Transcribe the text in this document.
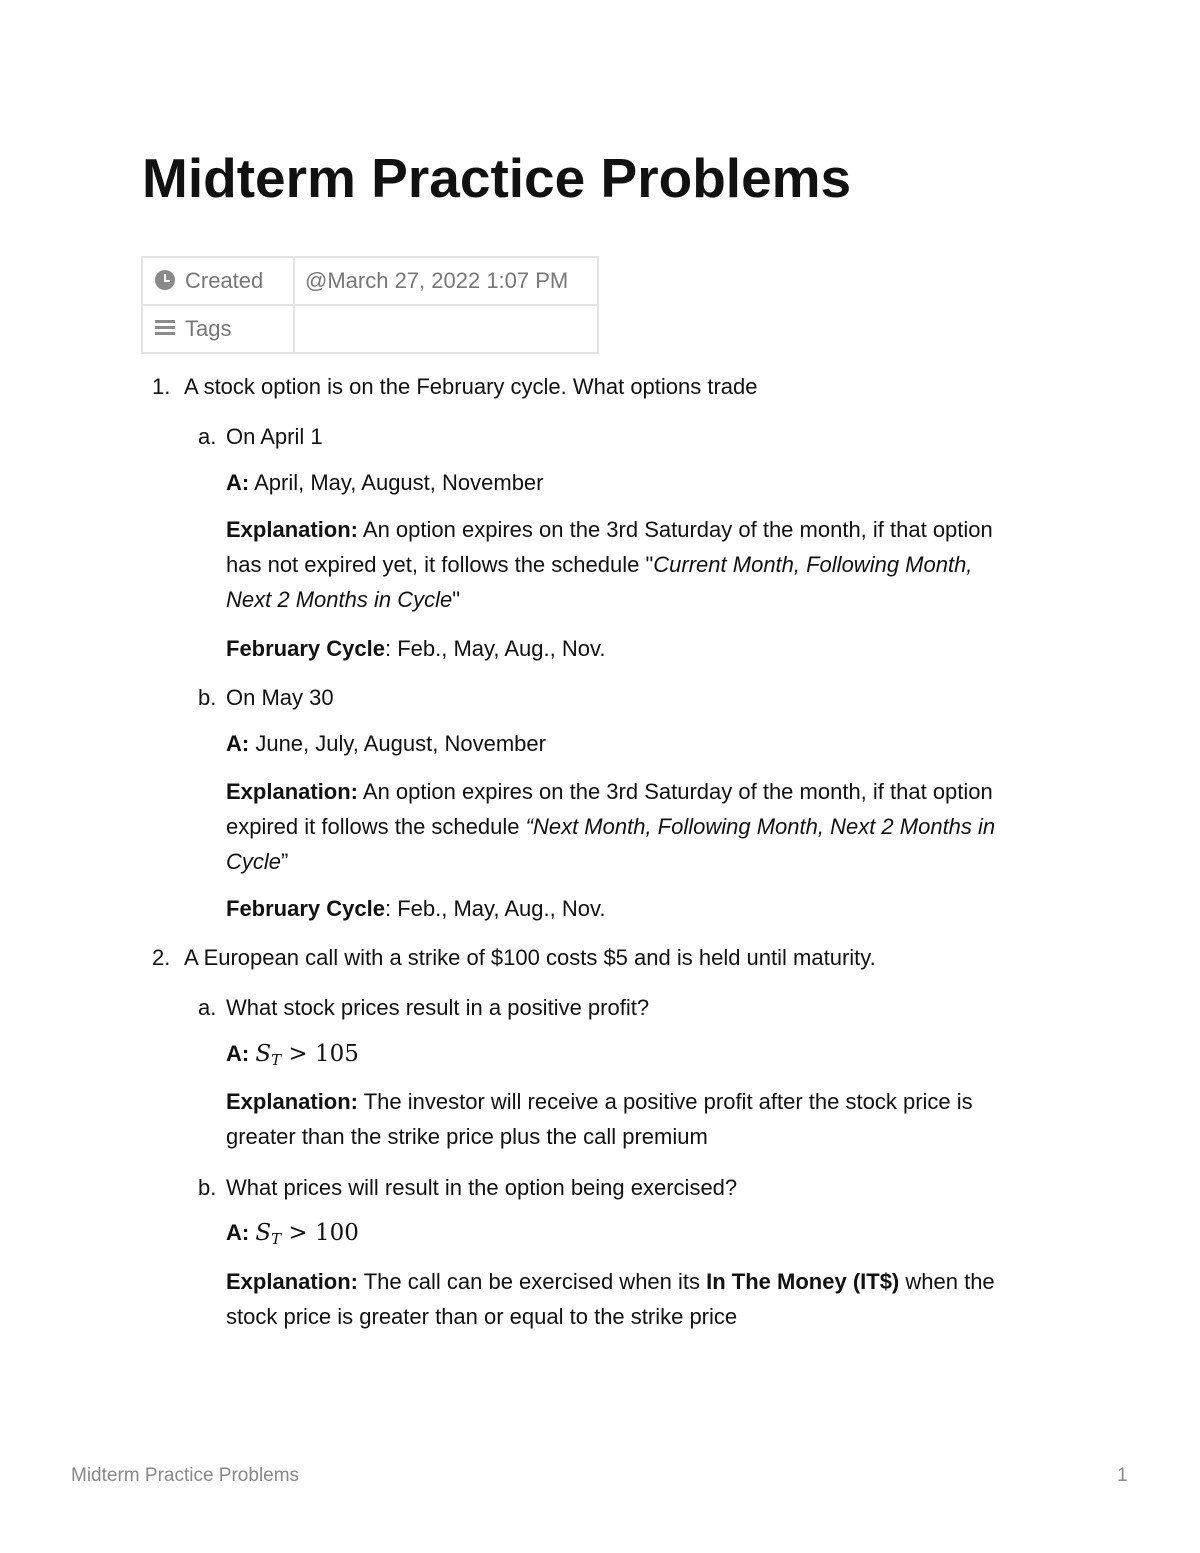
Midterm Practice Problems
Created	@March 27, 2022 1:07 PM

Tags	
1. A stock option is on the February cycle. What options trade

a. On April 1

A: April, May, August, November

Explanation: An option expires on the 3rd Saturday of the month, if that option

has not expired yet, it follows the schedule "Current Month, Following Month,

Next 2 Months in Cycle"

February Cycle: Feb., May, Aug., Nov.

b. On May 30

A: June, July, August, November

Explanation: An option expires on the 3rd Saturday of the month, if that option

expired it follows the schedule “Next Month, Following Month, Next 2 Months in

Cycle”

February Cycle: Feb., May, Aug., Nov.

2. A European call with a strike of $100 costs $5 and is held until maturity.

a. What stock prices result in a positive profit?

A: $S_T > 105$

Explanation: The investor will receive a positive profit after the stock price is

greater than the strike price plus the call premium

b. What prices will result in the option being exercised?

A: $S_T > 100$

Explanation: The call can be exercised when its In The Money (IT$) when the

stock price is greater than or equal to the strike price

Midterm Practice Problems	1
